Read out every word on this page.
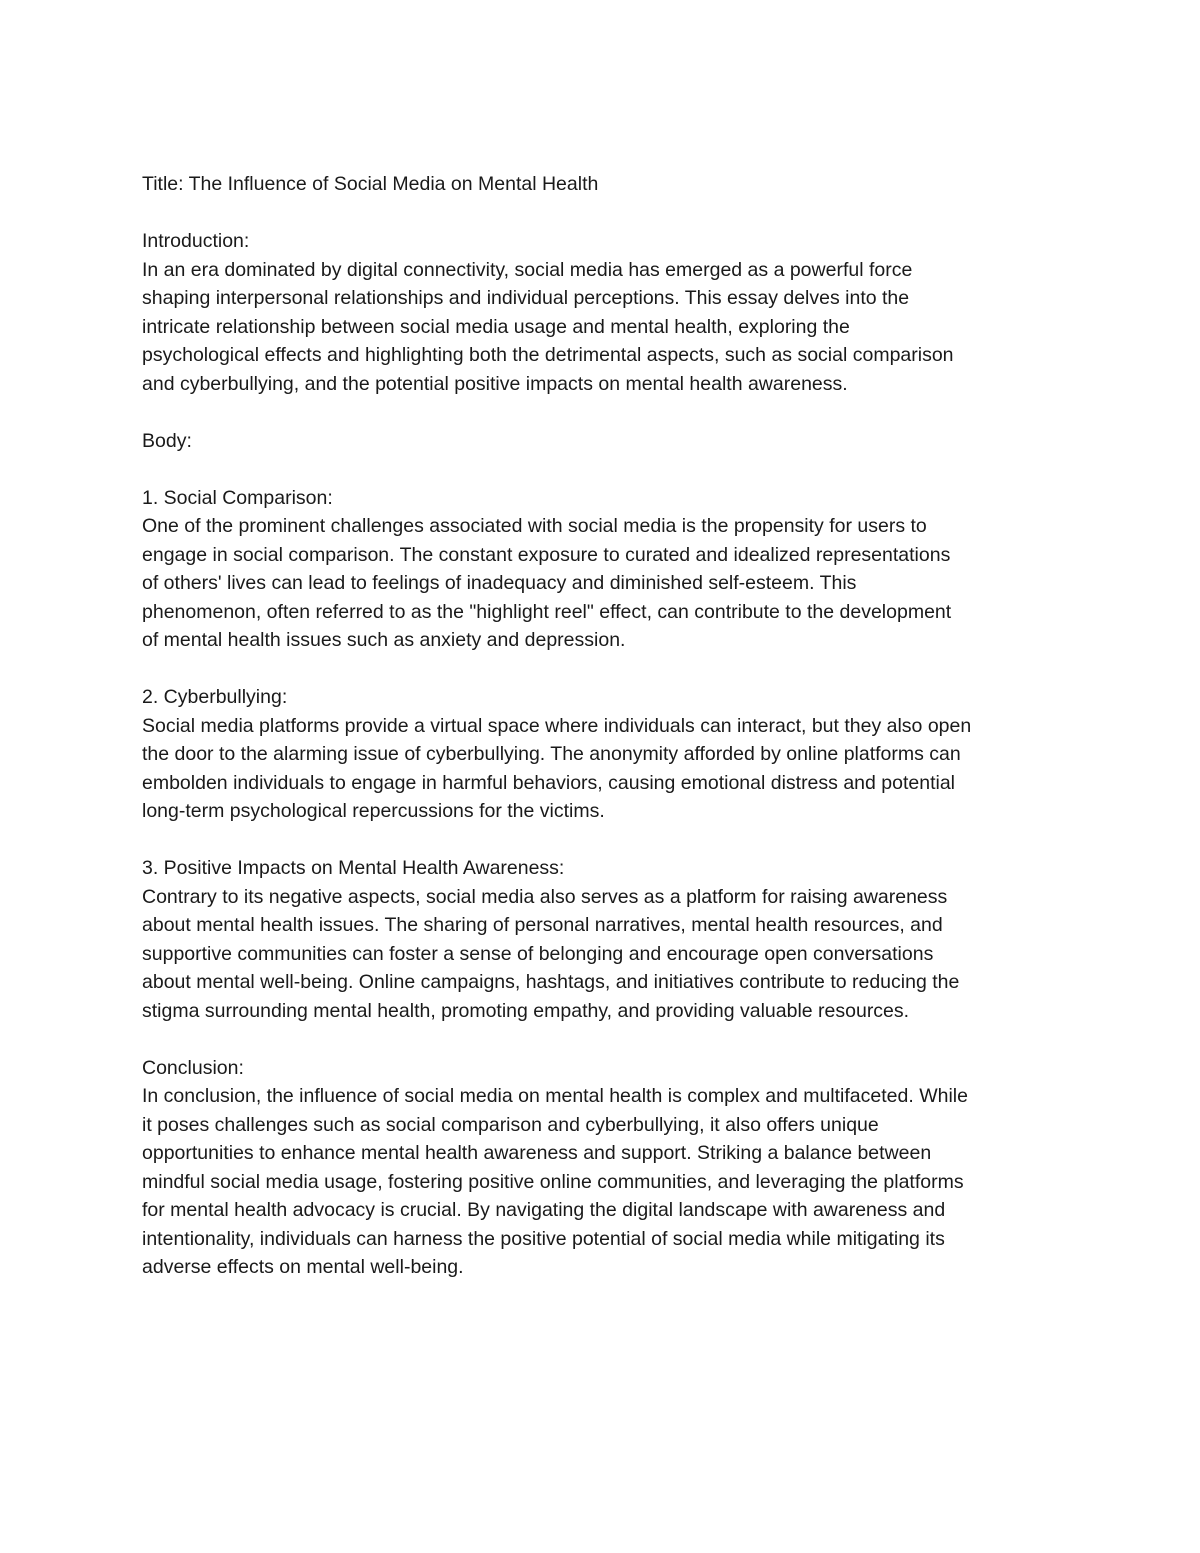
Title: The Influence of Social Media on Mental Health
Introduction:
In an era dominated by digital connectivity, social media has emerged as a powerful force
shaping interpersonal relationships and individual perceptions. This essay delves into the
intricate relationship between social media usage and mental health, exploring the
psychological effects and highlighting both the detrimental aspects, such as social comparison
and cyberbullying, and the potential positive impacts on mental health awareness.
Body:
1. Social Comparison:
One of the prominent challenges associated with social media is the propensity for users to
engage in social comparison. The constant exposure to curated and idealized representations
of others' lives can lead to feelings of inadequacy and diminished self-esteem. This
phenomenon, often referred to as the "highlight reel" effect, can contribute to the development
of mental health issues such as anxiety and depression.
2. Cyberbullying:
Social media platforms provide a virtual space where individuals can interact, but they also open
the door to the alarming issue of cyberbullying. The anonymity afforded by online platforms can
embolden individuals to engage in harmful behaviors, causing emotional distress and potential
long-term psychological repercussions for the victims.
3. Positive Impacts on Mental Health Awareness:
Contrary to its negative aspects, social media also serves as a platform for raising awareness
about mental health issues. The sharing of personal narratives, mental health resources, and
supportive communities can foster a sense of belonging and encourage open conversations
about mental well-being. Online campaigns, hashtags, and initiatives contribute to reducing the
stigma surrounding mental health, promoting empathy, and providing valuable resources.
Conclusion:
In conclusion, the influence of social media on mental health is complex and multifaceted. While
it poses challenges such as social comparison and cyberbullying, it also offers unique
opportunities to enhance mental health awareness and support. Striking a balance between
mindful social media usage, fostering positive online communities, and leveraging the platforms
for mental health advocacy is crucial. By navigating the digital landscape with awareness and
intentionality, individuals can harness the positive potential of social media while mitigating its
adverse effects on mental well-being.
